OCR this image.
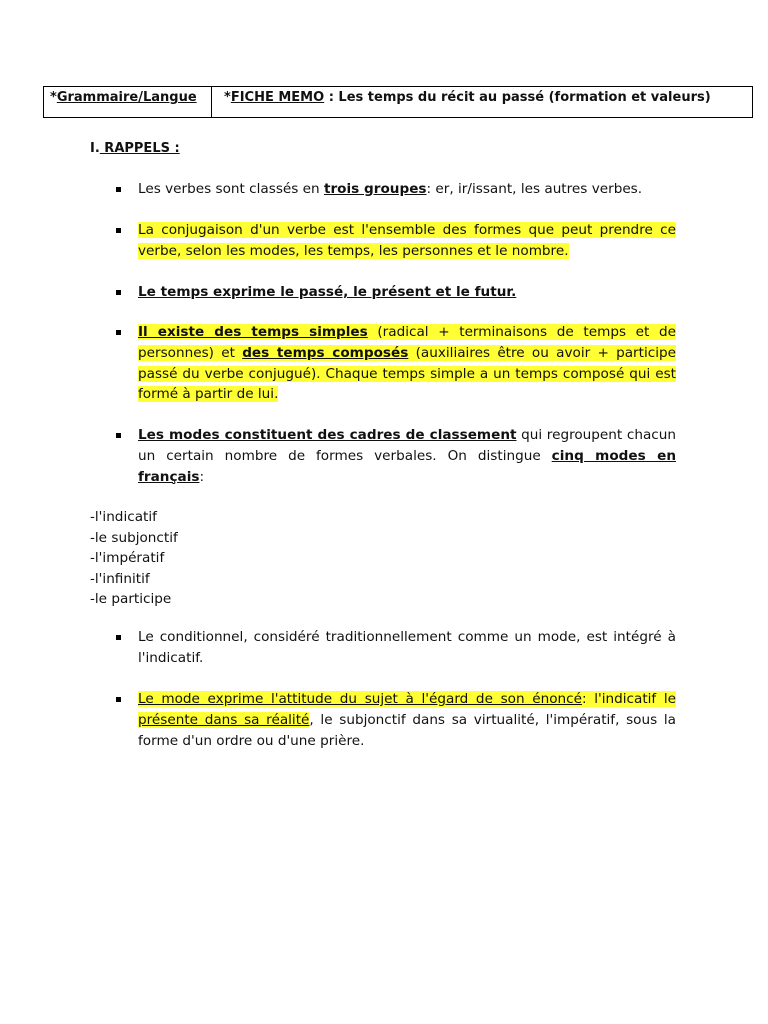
*Grammaire/Langue	*FICHE MEMO : Les temps du récit au passé (formation et valeurs)
I. RAPPELS :
Les verbes sont classés en trois groupes: er, ir/issant, les autres verbes.
La conjugaison d'un verbe est l'ensemble des formes que peut prendre ce verbe, selon les modes, les temps, les personnes et le nombre.
Le temps exprime le passé, le présent et le futur.
Il existe des temps simples (radical + terminaisons de temps et de personnes) et des temps composés (auxiliaires être ou avoir + participe passé du verbe conjugué). Chaque temps simple a un temps composé qui est formé à partir de lui.
Les modes constituent des cadres de classement qui regroupent chacun un certain nombre de formes verbales. On distingue cinq modes en français:
-l'indicatif
-le subjonctif
-l'impératif
-l'infinitif
-le participe
Le conditionnel, considéré traditionnellement comme un mode, est intégré à l'indicatif.
Le mode exprime l'attitude du sujet à l'égard de son énoncé: l'indicatif le présente dans sa réalité, le subjonctif dans sa virtualité, l'impératif, sous la forme d'un ordre ou d'une prière.
